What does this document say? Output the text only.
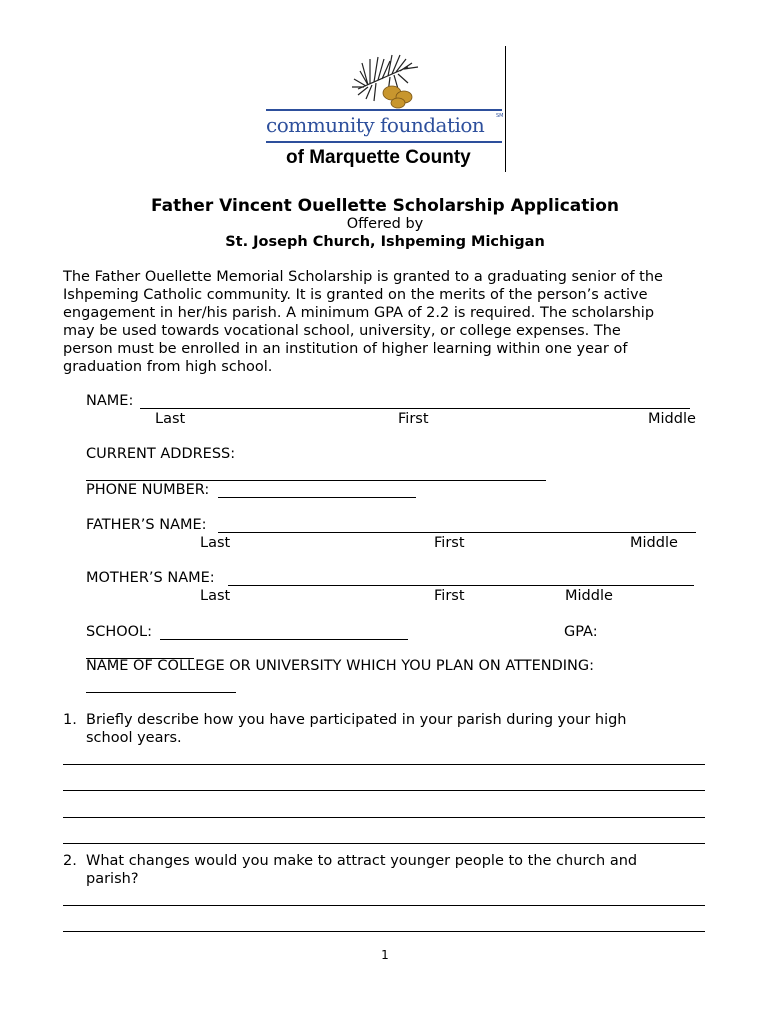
community foundation SM
of Marquette County
Father Vincent Ouellette Scholarship Application
Offered by
St. Joseph Church, Ishpeming Michigan
The Father Ouellette Memorial Scholarship is granted to a graduating senior of the
Ishpeming Catholic community. It is granted on the merits of the person’s active
engagement in her/his parish. A minimum GPA of 2.2 is required. The scholarship
may be used towards vocational school, university, or college expenses. The
person must be enrolled in an institution of higher learning within one year of
graduation from high school.
NAME:
Last	First	Middle
CURRENT ADDRESS:
PHONE NUMBER:
FATHER’S NAME:
Last	First	Middle
MOTHER’S NAME:
Last	First	Middle
SCHOOL:	GPA:
NAME OF COLLEGE OR UNIVERSITY WHICH YOU PLAN ON ATTENDING:
1. Briefly describe how you have participated in your parish during your high
school years.
2. What changes would you make to attract younger people to the church and
parish?
1
